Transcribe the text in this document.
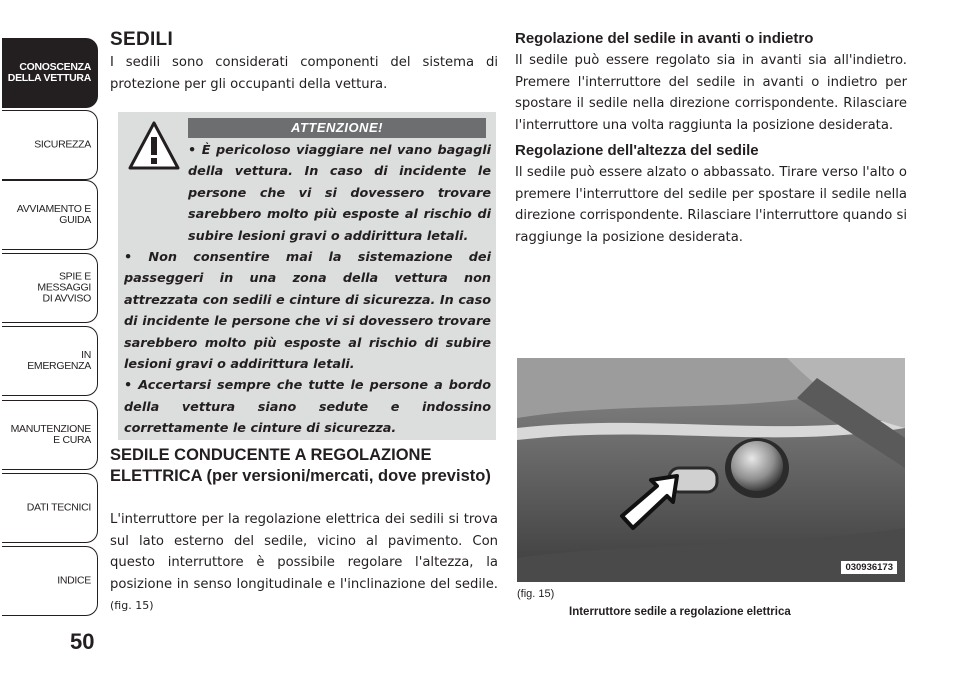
CONOSCENZA
DELLA VETTURA
SICUREZZA
AVVIAMENTO E
GUIDA
SPIE E
MESSAGGI
DI AVVISO
IN
EMERGENZA
MANUTENZIONE
E CURA
DATI TECNICI
INDICE
50
SEDILI

I sedili sono considerati componenti del sistema di protezione per gli occupanti della vettura.

ATTENZIONE!

• È pericoloso viaggiare nel vano bagagli della vettura. In caso di incidente le persone che vi si dovessero trovare sarebbero molto più esposte al rischio di subire lesioni gravi o addirittura letali.

• Non consentire mai la sistemazione dei passeggeri in una zona della vettura non attrezzata con sedili e cinture di sicurezza. In caso di incidente le persone che vi si dovessero trovare sarebbero molto più esposte al rischio di subire lesioni gravi o addirittura letali.

• Accertarsi sempre che tutte le persone a bordo della vettura siano sedute e indossino correttamente le cinture di sicurezza.

SEDILE CONDUCENTE A REGOLAZIONE ELETTRICA (per versioni/mercati, dove previsto)

L'interruttore per la regolazione elettrica dei sedili si trova sul lato esterno del sedile, vicino al pavimento. Con questo interruttore è possibile regolare l'altezza, la posizione in senso longitudinale e l'inclinazione del sedile. (fig. 15)

Regolazione del sedile in avanti o indietro

Il sedile può essere regolato sia in avanti sia all'indietro. Premere l'interruttore del sedile in avanti o indietro per spostare il sedile nella direzione corrispondente. Rilasciare l'interruttore una volta raggiunta la posizione desiderata.

Regolazione dell'altezza del sedile

Il sedile può essere alzato o abbassato. Tirare verso l'alto o premere l'interruttore del sedile per spostare il sedile nella direzione corrispondente. Rilasciare l'interruttore quando si raggiunge la posizione desiderata.

030936173
(fig. 15)
Interruttore sedile a regolazione elettrica
